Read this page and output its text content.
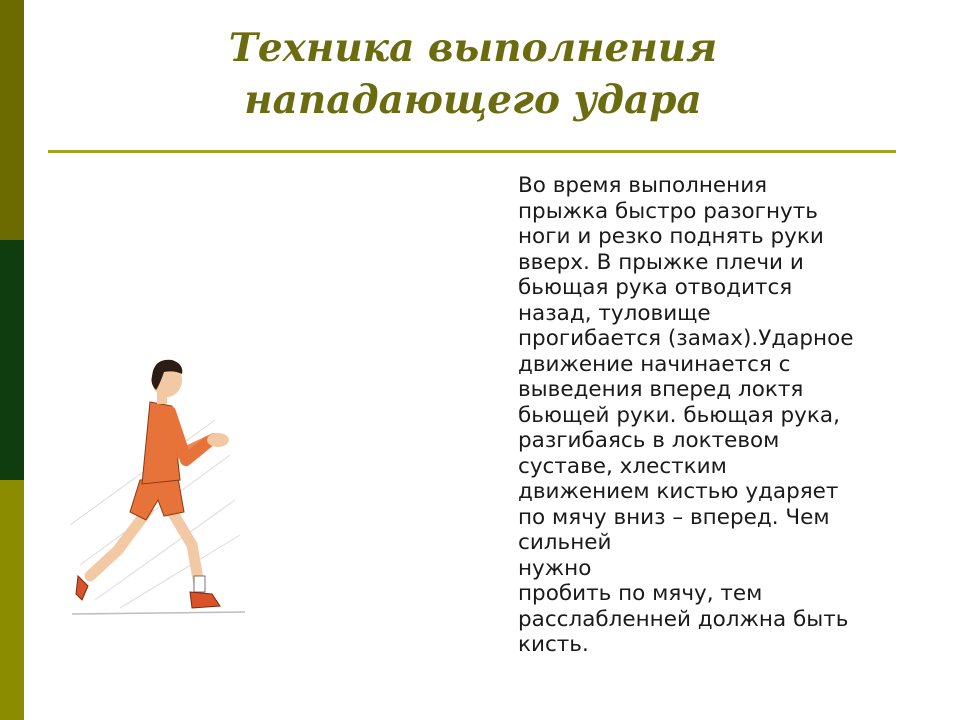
Техника выполнения
нападающего удара

Во время выполнения
прыжка быстро разогнуть
ноги и резко поднять руки
вверх. В прыжке плечи и
бьющая рука отводится
назад, туловище
прогибается (замах).Ударное
движение начинается с
выведения вперед локтя
бьющей руки. бьющая рука,
разгибаясь в локтевом
суставе, хлестким
движением кистью ударяет
по мячу вниз – вперед. Чем
сильней
нужно
пробить по мячу, тем
расслабленней должна быть
кисть.
